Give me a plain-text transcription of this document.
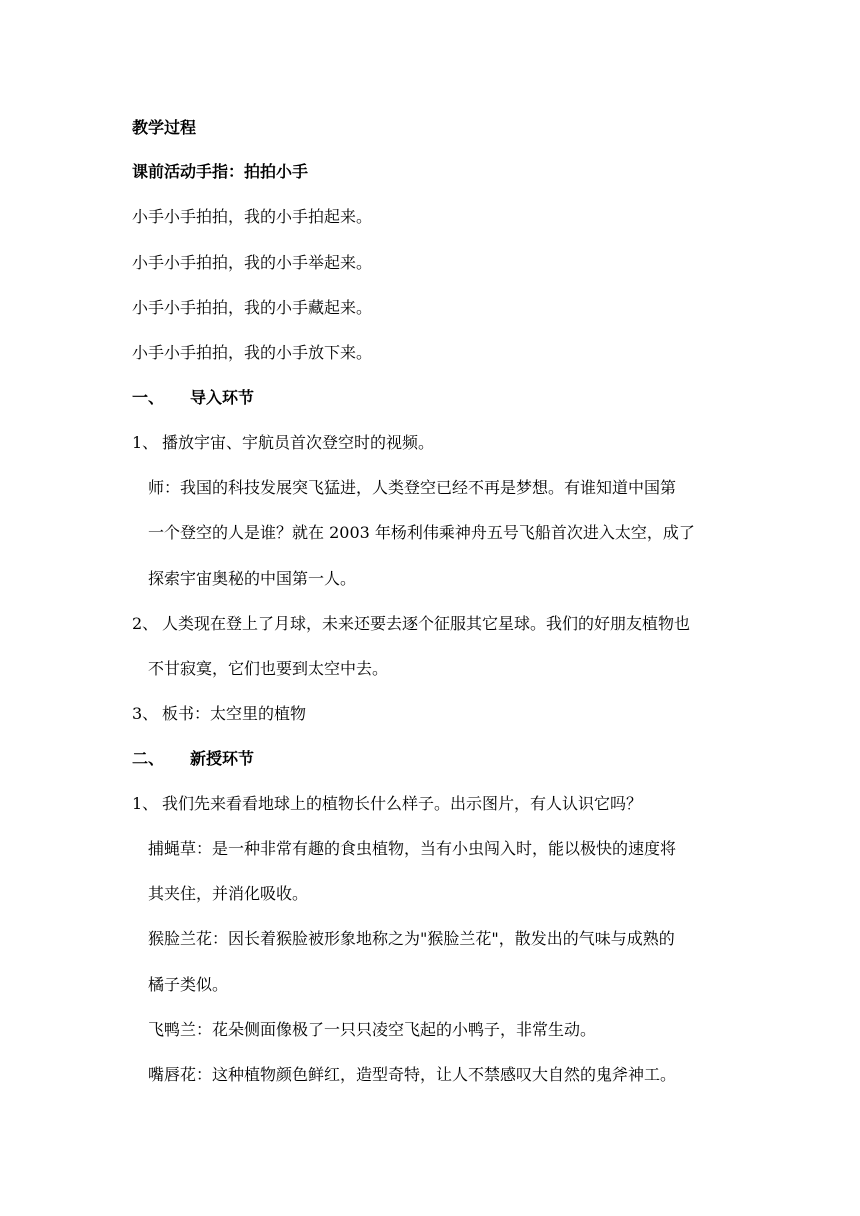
教学过程
课前活动手指：拍拍小手
小手小手拍拍，我的小手拍起来。
小手小手拍拍，我的小手举起来。
小手小手拍拍，我的小手藏起来。
小手小手拍拍，我的小手放下来。
一、 导入环节
1、 播放宇宙、宇航员首次登空时的视频。
师：我国的科技发展突飞猛进，人类登空已经不再是梦想。有谁知道中国第
一个登空的人是谁？就在 2003 年杨利伟乘神舟五号飞船首次进入太空，成了
探索宇宙奥秘的中国第一人。
2、 人类现在登上了月球，未来还要去逐个征服其它星球。我们的好朋友植物也
不甘寂寞，它们也要到太空中去。
3、 板书：太空里的植物
二、 新授环节
1、 我们先来看看地球上的植物长什么样子。出示图片，有人认识它吗？
捕蝇草：是一种非常有趣的食虫植物，当有小虫闯入时，能以极快的速度将
其夹住，并消化吸收。
猴脸兰花：因长着猴脸被形象地称之为"猴脸兰花"，散发出的气味与成熟的
橘子类似。
飞鸭兰：花朵侧面像极了一只只凌空飞起的小鸭子，非常生动。
嘴唇花：这种植物颜色鲜红，造型奇特，让人不禁感叹大自然的鬼斧神工。
